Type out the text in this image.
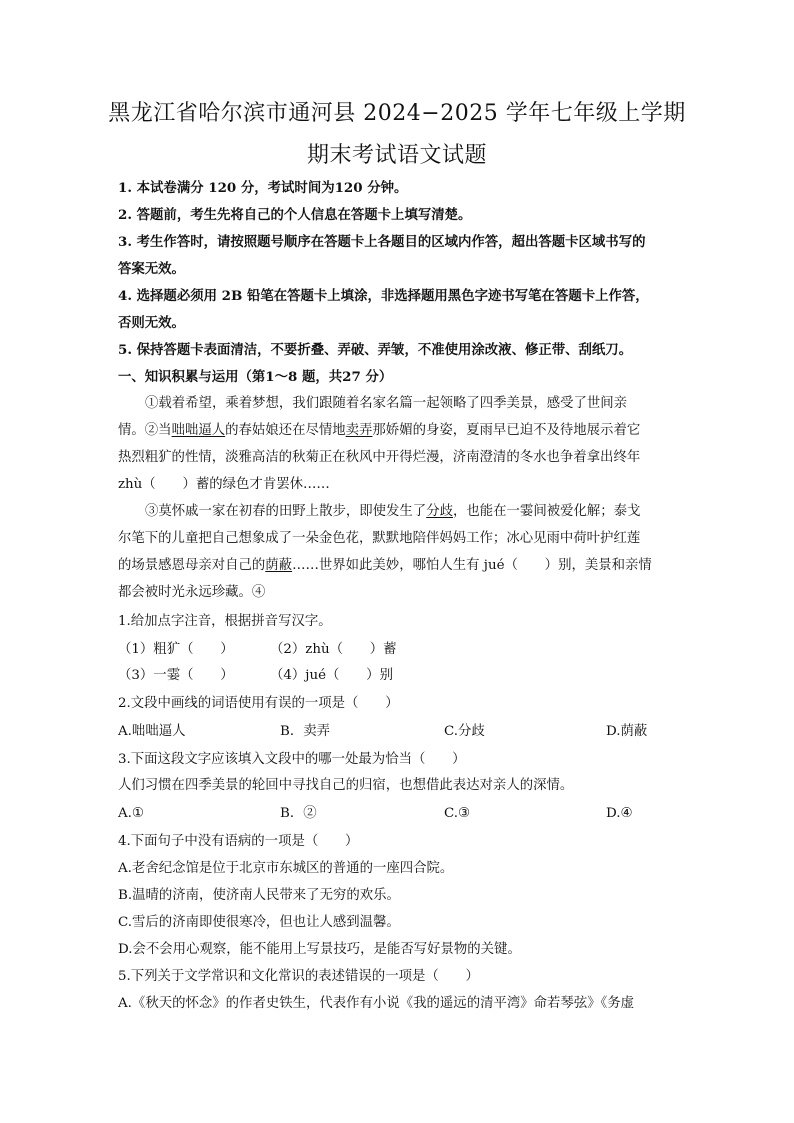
黑龙江省哈尔滨市通河县 2024−2025 学年七年级上学期
期末考试语文试题
1. 本试卷满分 120 分，考试时间为120 分钟。
2. 答题前，考生先将自己的个人信息在答题卡上填写清楚。
3. 考生作答时，请按照题号顺序在答题卡上各题目的区域内作答，超出答题卡区域书写的
答案无效。
4. 选择题必须用 2B 铅笔在答题卡上填涂，非选择题用黑色字迹书写笔在答题卡上作答，
否则无效。
5. 保持答题卡表面清洁，不要折叠、弄破、弄皱，不准使用涂改液、修正带、刮纸刀。
一、知识积累与运用（第1～8 题，共27 分）
①载着希望，乘着梦想，我们跟随着名家名篇一起领略了四季美景，感受了世间亲
情。②当咄咄逼人的春姑娘还在尽情地卖弄那娇媚的身姿，夏雨早已迫不及待地展示着它
热烈粗犷的性情，淡雅高洁的秋菊正在秋风中开得烂漫，济南澄清的冬水也争着拿出终年
zhù（　　）蓄的绿色才肯罢休……
③莫怀戚一家在初春的田野上散步，即使发生了分歧，也能在一霎间被爱化解；泰戈
尔笔下的儿童把自己想象成了一朵金色花，默默地陪伴妈妈工作；冰心见雨中荷叶护红莲
的场景感恩母亲对自己的荫蔽……世界如此美妙，哪怕人生有 jué（　　）别，美景和亲情
都会被时光永远珍藏。④
1.给加点字注音，根据拼音写汉字。
（1）粗犷（　　）	（2）zhù（　　）蓄
（3）一霎（　　）	（4）jué（　　）别
2.文段中画线的词语使用有误的一项是（　　）
A.咄咄逼人	B．卖弄	C.分歧	D.荫蔽
3.下面这段文字应该填入文段中的哪一处最为恰当（　　）
人们习惯在四季美景的轮回中寻找自己的归宿，也想借此表达对亲人的深情。
A.①	B．②	C.③	D.④
4.下面句子中没有语病的一项是（　　）
A.老舍纪念馆是位于北京市东城区的普通的一座四合院。
B.温晴的济南，使济南人民带来了无穷的欢乐。
C.雪后的济南即使很寒冷，但也让人感到温馨。
D.会不会用心观察，能不能用上写景技巧，是能否写好景物的关键。
5.下列关于文学常识和文化常识的表述错误的一项是（　　）
A.《秋天的怀念》的作者史铁生，代表作有小说《我的遥远的清平湾》命若琴弦》《务虚
